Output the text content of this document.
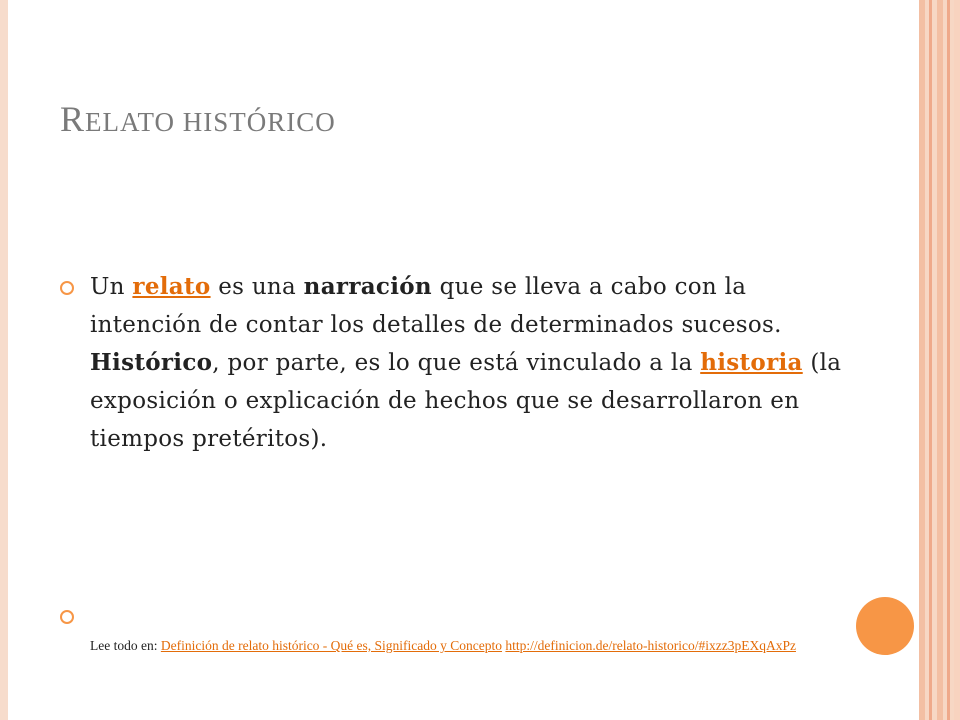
RELATO HISTÓRICO
Un relato es una narración que se lleva a cabo con la intención de contar los detalles de determinados sucesos. Histórico, por parte, es lo que está vinculado a la historia (la exposición o explicación de hechos que se desarrollaron en tiempos pretéritos).
Lee todo en: Definición de relato histórico - Qué es, Significado y Concepto http://definicion.de/relato-historico/#ixzz3pEXqAxPz
